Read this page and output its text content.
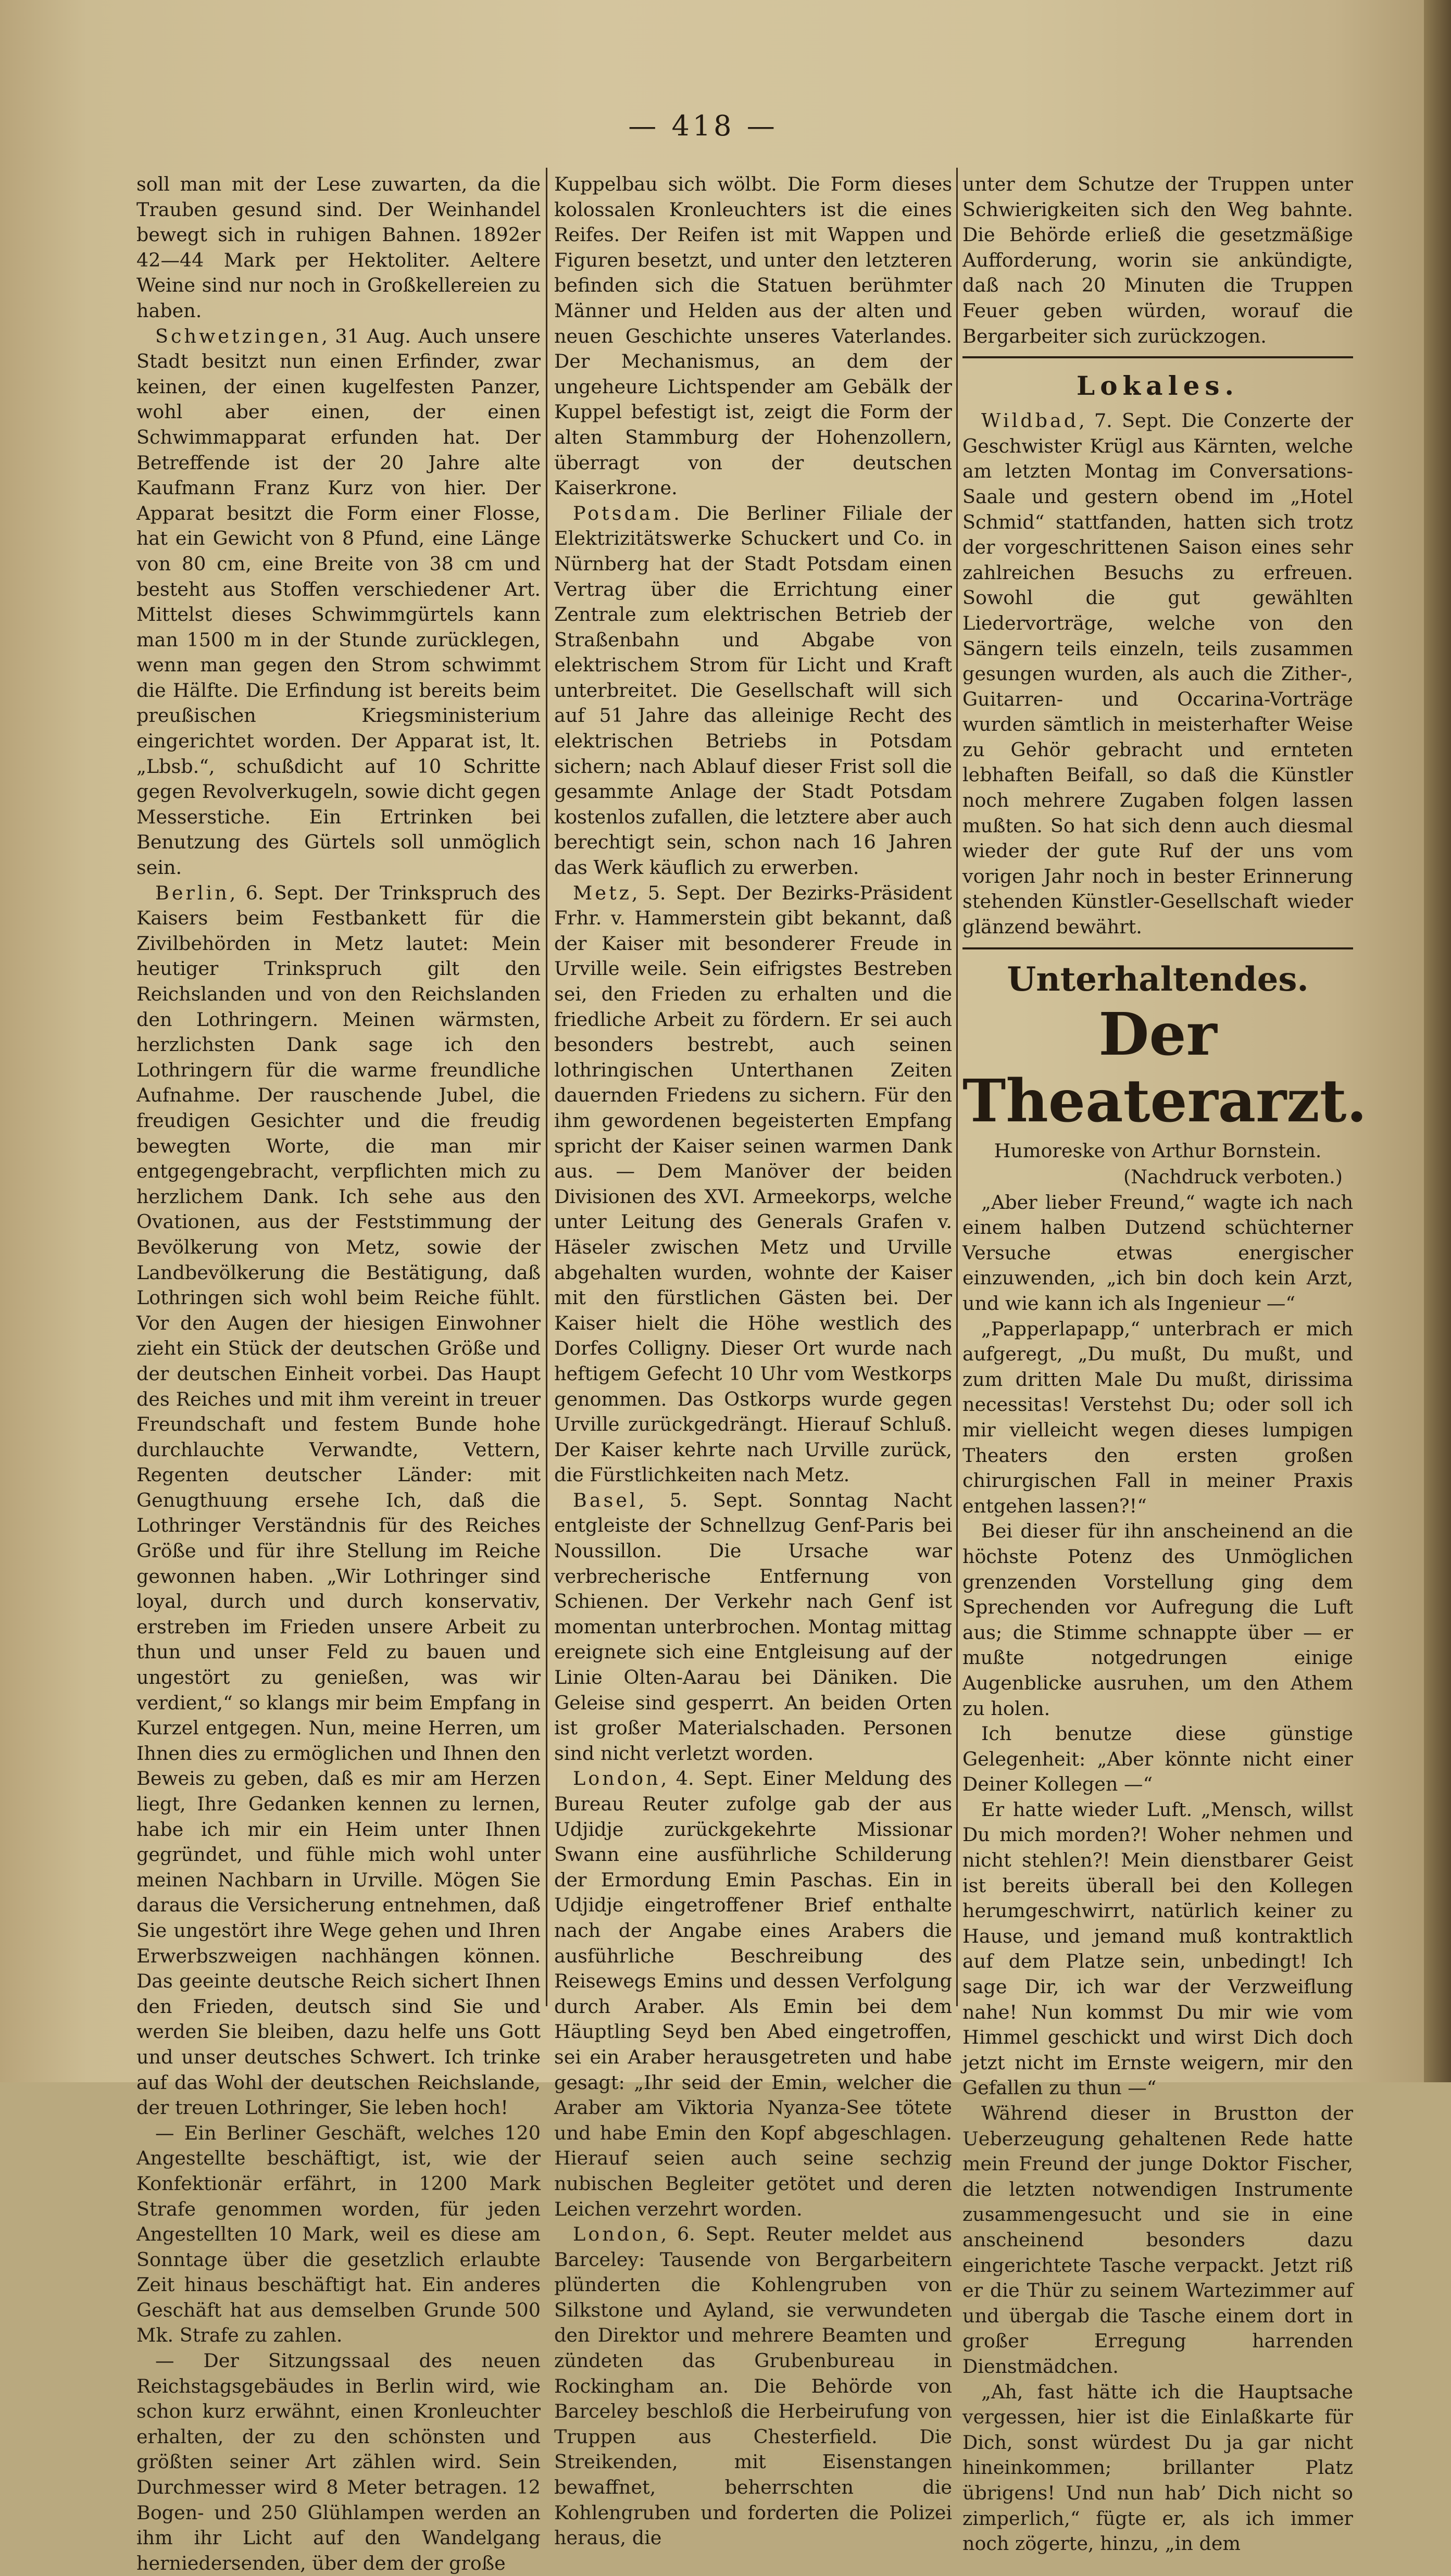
— 418 —

soll man mit der Lese zuwarten, da die Trauben gesund sind. Der Weinhandel bewegt sich in ruhigen Bahnen. 1892er 42—44 Mark per Hektoliter. Aeltere Weine sind nur noch in Großkellereien zu haben.

Schwetzingen, 31 Aug. Auch unsere Stadt besitzt nun einen Erfinder, zwar keinen, der einen kugelfesten Panzer, wohl aber einen, der einen Schwimmapparat erfunden hat. Der Betreffende ist der 20 Jahre alte Kaufmann Franz Kurz von hier. Der Apparat besitzt die Form einer Flosse, hat ein Gewicht von 8 Pfund, eine Länge von 80 cm, eine Breite von 38 cm und besteht aus Stoffen verschiedener Art. Mittelst dieses Schwimmgürtels kann man 1500 m in der Stunde zurücklegen, wenn man gegen den Strom schwimmt die Hälfte. Die Erfindung ist bereits beim preußischen Kriegsministerium eingerichtet worden. Der Apparat ist, lt. „Lbsb.“, schußdicht auf 10 Schritte gegen Revolverkugeln, sowie dicht gegen Messerstiche. Ein Ertrinken bei Benutzung des Gürtels soll unmöglich sein.

Berlin, 6. Sept. Der Trinkspruch des Kaisers beim Festbankett für die Zivilbehörden in Metz lautet: Mein heutiger Trinkspruch gilt den Reichslanden und von den Reichslanden den Lothringern. Meinen wärmsten, herzlichsten Dank sage ich den Lothringern für die warme freundliche Aufnahme. Der rauschende Jubel, die freudigen Gesichter und die freudig bewegten Worte, die man mir entgegengebracht, verpflichten mich zu herzlichem Dank. Ich sehe aus den Ovationen, aus der Feststimmung der Bevölkerung von Metz, sowie der Landbevölkerung die Bestätigung, daß Lothringen sich wohl beim Reiche fühlt. Vor den Augen der hiesigen Einwohner zieht ein Stück der deutschen Größe und der deutschen Einheit vorbei. Das Haupt des Reiches und mit ihm vereint in treuer Freundschaft und festem Bunde hohe durchlauchte Verwandte, Vettern, Regenten deutscher Länder: mit Genugthuung ersehe Ich, daß die Lothringer Verständnis für des Reiches Größe und für ihre Stellung im Reiche gewonnen haben. „Wir Lothringer sind loyal, durch und durch konservativ, erstreben im Frieden unsere Arbeit zu thun und unser Feld zu bauen und ungestört zu genießen, was wir verdient,“ so klangs mir beim Empfang in Kurzel entgegen. Nun, meine Herren, um Ihnen dies zu ermöglichen und Ihnen den Beweis zu geben, daß es mir am Herzen liegt, Ihre Gedanken kennen zu lernen, habe ich mir ein Heim unter Ihnen gegründet, und fühle mich wohl unter meinen Nachbarn in Urville. Mögen Sie daraus die Versicherung entnehmen, daß Sie ungestört ihre Wege gehen und Ihren Erwerbszweigen nachhängen können. Das geeinte deutsche Reich sichert Ihnen den Frieden, deutsch sind Sie und werden Sie bleiben, dazu helfe uns Gott und unser deutsches Schwert. Ich trinke auf das Wohl der deutschen Reichslande, der treuen Lothringer, Sie leben hoch!

— Ein Berliner Geschäft, welches 120 Angestellte beschäftigt, ist, wie der Konfektionär erfährt, in 1200 Mark Strafe genommen worden, für jeden Angestellten 10 Mark, weil es diese am Sonntage über die gesetzlich erlaubte Zeit hinaus beschäftigt hat. Ein anderes Geschäft hat aus demselben Grunde 500 Mk. Strafe zu zahlen.

— Der Sitzungssaal des neuen Reichstagsgebäudes in Berlin wird, wie schon kurz erwähnt, einen Kronleuchter erhalten, der zu den schönsten und größten seiner Art zählen wird. Sein Durchmesser wird 8 Meter betragen. 12 Bogen- und 250 Glühlampen werden an ihm ihr Licht auf den Wandelgang herniedersenden, über dem der große

Kuppelbau sich wölbt. Die Form dieses kolossalen Kronleuchters ist die eines Reifes. Der Reifen ist mit Wappen und Figuren besetzt, und unter den letzteren befinden sich die Statuen berühmter Männer und Helden aus der alten und neuen Geschichte unseres Vaterlandes. Der Mechanismus, an dem der ungeheure Lichtspender am Gebälk der Kuppel befestigt ist, zeigt die Form der alten Stammburg der Hohenzollern, überragt von der deutschen Kaiserkrone.

Potsdam. Die Berliner Filiale der Elektrizitätswerke Schuckert und Co. in Nürnberg hat der Stadt Potsdam einen Vertrag über die Errichtung einer Zentrale zum elektrischen Betrieb der Straßenbahn und Abgabe von elektrischem Strom für Licht und Kraft unterbreitet. Die Gesellschaft will sich auf 51 Jahre das alleinige Recht des elektrischen Betriebs in Potsdam sichern; nach Ablauf dieser Frist soll die gesammte Anlage der Stadt Potsdam kostenlos zufallen, die letztere aber auch berechtigt sein, schon nach 16 Jahren das Werk käuflich zu erwerben.

Metz, 5. Sept. Der Bezirks-Präsident Frhr. v. Hammerstein gibt bekannt, daß der Kaiser mit besonderer Freude in Urville weile. Sein eifrigstes Bestreben sei, den Frieden zu erhalten und die friedliche Arbeit zu fördern. Er sei auch besonders bestrebt, auch seinen lothringischen Unterthanen Zeiten dauernden Friedens zu sichern. Für den ihm gewordenen begeisterten Empfang spricht der Kaiser seinen warmen Dank aus. — Dem Manöver der beiden Divisionen des XVI. Armeekorps, welche unter Leitung des Generals Grafen v. Häseler zwischen Metz und Urville abgehalten wurden, wohnte der Kaiser mit den fürstlichen Gästen bei. Der Kaiser hielt die Höhe westlich des Dorfes Colligny. Dieser Ort wurde nach heftigem Gefecht 10 Uhr vom Westkorps genommen. Das Ostkorps wurde gegen Urville zurückgedrängt. Hierauf Schluß. Der Kaiser kehrte nach Urville zurück, die Fürstlichkeiten nach Metz.

Basel, 5. Sept. Sonntag Nacht entgleiste der Schnellzug Genf-Paris bei Noussillon. Die Ursache war verbrecherische Entfernung von Schienen. Der Verkehr nach Genf ist momentan unterbrochen. Montag mittag ereignete sich eine Entgleisung auf der Linie Olten-Aarau bei Däniken. Die Geleise sind gesperrt. An beiden Orten ist großer Materialschaden. Personen sind nicht verletzt worden.

London, 4. Sept. Einer Meldung des Bureau Reuter zufolge gab der aus Udjidje zurückgekehrte Missionar Swann eine ausführliche Schilderung der Ermordung Emin Paschas. Ein in Udjidje eingetroffener Brief enthalte nach der Angabe eines Arabers die ausführliche Beschreibung des Reisewegs Emins und dessen Verfolgung durch Araber. Als Emin bei dem Häuptling Seyd ben Abed eingetroffen, sei ein Araber herausgetreten und habe gesagt: „Ihr seid der Emin, welcher die Araber am Viktoria Nyanza-See tötete und habe Emin den Kopf abgeschlagen. Hierauf seien auch seine sechzig nubischen Begleiter getötet und deren Leichen verzehrt worden.

London, 6. Sept. Reuter meldet aus Barceley: Tausende von Bergarbeitern plünderten die Kohlengruben von Silkstone und Ayland, sie verwundeten den Direktor und mehrere Beamten und zündeten das Grubenbureau in Rockingham an. Die Behörde von Barceley beschloß die Herbeirufung von Truppen aus Chesterfield. Die Streikenden, mit Eisenstangen bewaffnet, beherrschten die Kohlengruben und forderten die Polizei heraus, die

unter dem Schutze der Truppen unter Schwierigkeiten sich den Weg bahnte. Die Behörde erließ die gesetzmäßige Aufforderung, worin sie ankündigte, daß nach 20 Minuten die Truppen Feuer geben würden, worauf die Bergarbeiter sich zurückzogen.

Lokales.

Wildbad, 7. Sept. Die Conzerte der Geschwister Krügl aus Kärnten, welche am letzten Montag im Conversations-Saale und gestern obend im „Hotel Schmid“ stattfanden, hatten sich trotz der vorgeschrittenen Saison eines sehr zahlreichen Besuchs zu erfreuen. Sowohl die gut gewählten Liedervorträge, welche von den Sängern teils einzeln, teils zusammen gesungen wurden, als auch die Zither-, Guitarren- und Occarina-Vorträge wurden sämtlich in meisterhafter Weise zu Gehör gebracht und ernteten lebhaften Beifall, so daß die Künstler noch mehrere Zugaben folgen lassen mußten. So hat sich denn auch diesmal wieder der gute Ruf der uns vom vorigen Jahr noch in bester Erinnerung stehenden Künstler-Gesellschaft wieder glänzend bewährt.

Unterhaltendes.
Der Theaterarzt.
Humoreske von Arthur Bornstein.
(Nachdruck verboten.)

„Aber lieber Freund,“ wagte ich nach einem halben Dutzend schüchterner Versuche etwas energischer einzuwenden, „ich bin doch kein Arzt, und wie kann ich als Ingenieur —“

„Papperlapapp,“ unterbrach er mich aufgeregt, „Du mußt, Du mußt, und zum dritten Male Du mußt, dirissima necessitas! Verstehst Du; oder soll ich mir vielleicht wegen dieses lumpigen Theaters den ersten großen chirurgischen Fall in meiner Praxis entgehen lassen?!“

Bei dieser für ihn anscheinend an die höchste Potenz des Unmöglichen grenzenden Vorstellung ging dem Sprechenden vor Aufregung die Luft aus; die Stimme schnappte über — er mußte notgedrungen einige Augenblicke ausruhen, um den Athem zu holen.

Ich benutze diese günstige Gelegenheit: „Aber könnte nicht einer Deiner Kollegen —“

Er hatte wieder Luft. „Mensch, willst Du mich morden?! Woher nehmen und nicht stehlen?! Mein dienstbarer Geist ist bereits überall bei den Kollegen herumgeschwirrt, natürlich keiner zu Hause, und jemand muß kontraktlich auf dem Platze sein, unbedingt! Ich sage Dir, ich war der Verzweiflung nahe! Nun kommst Du mir wie vom Himmel geschickt und wirst Dich doch jetzt nicht im Ernste weigern, mir den Gefallen zu thun —“

Während dieser in Brustton der Ueberzeugung gehaltenen Rede hatte mein Freund der junge Doktor Fischer, die letzten notwendigen Instrumente zusammengesucht und sie in eine anscheinend besonders dazu eingerichtete Tasche verpackt. Jetzt riß er die Thür zu seinem Wartezimmer auf und übergab die Tasche einem dort in großer Erregung harrenden Dienstmädchen.

„Ah, fast hätte ich die Hauptsache vergessen, hier ist die Einlaßkarte für Dich, sonst würdest Du ja gar nicht hineinkommen; brillanter Platz übrigens! Und nun hab’ Dich nicht so zimperlich,“ fügte er, als ich immer noch zögerte, hinzu, „in dem
